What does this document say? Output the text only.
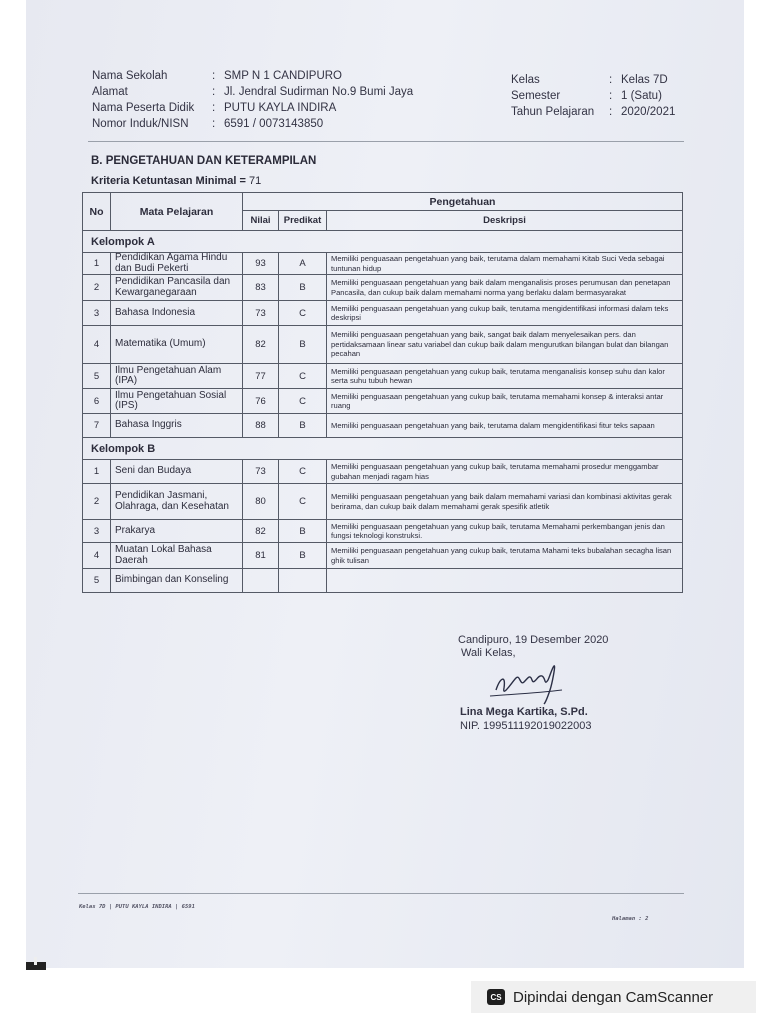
Nama Sekolah	: SMP N 1 CANDIPURO
Alamat	: Jl. Jendral Sudirman No.9 Bumi Jaya
Nama Peserta Didik	: PUTU KAYLA INDIRA
Nomor Induk/NISN	: 6591 / 0073143850
Kelas	: Kelas 7D
Semester	: 1 (Satu)
Tahun Pelajaran	: 2020/2021
B. PENGETAHUAN DAN KETERAMPILAN
Kriteria Ketuntasan Minimal = 71
No	Mata Pelajaran	Pengetahuan		
		Nilai	Predikat	Deskripsi
Kelompok A				
1	Pendidikan Agama Hindu dan Budi Pekerti	93	A	Memiliki penguasaan pengetahuan yang baik, terutama dalam memahami Kitab Suci Veda sebagai tuntunan hidup
2	Pendidikan Pancasila dan Kewarganegaraan	83	B	Memiliki penguasaan pengetahuan yang baik dalam menganalisis proses perumusan dan penetapan Pancasila, dan cukup baik dalam memahami norma yang berlaku dalam bermasyarakat
3	Bahasa Indonesia	73	C	Memiliki penguasaan pengetahuan yang cukup baik, terutama mengidentifikasi informasi dalam teks deskripsi
4	Matematika (Umum)	82	B	Memiliki penguasaan pengetahuan yang baik, sangat baik dalam menyelesaikan pers. dan pertidaksamaan linear satu variabel dan cukup baik dalam mengurutkan bilangan bulat dan bilangan pecahan
5	Ilmu Pengetahuan Alam (IPA)	77	C	Memiliki penguasaan pengetahuan yang cukup baik, terutama menganalisis konsep suhu dan kalor serta suhu tubuh hewan
6	Ilmu Pengetahuan Sosial (IPS)	76	C	Memiliki penguasaan pengetahuan yang cukup baik, terutama memahami konsep & interaksi antar ruang
7	Bahasa Inggris	88	B	Memiliki penguasaan pengetahuan yang baik, terutama dalam mengidentifikasi fitur teks sapaan
Kelompok B				
1	Seni dan Budaya	73	C	Memiliki penguasaan pengetahuan yang cukup baik, terutama memahami prosedur menggambar gubahan menjadi ragam hias
2	Pendidikan Jasmani, Olahraga, dan Kesehatan	80	C	Memiliki penguasaan pengetahuan yang baik dalam memahami variasi dan kombinasi aktivitas gerak berirama, dan cukup baik dalam memahami gerak spesifik atletik
3	Prakarya	82	B	Memiliki penguasaan pengetahuan yang cukup baik, terutama Memahami perkembangan jenis dan fungsi teknologi konstruksi.
4	Muatan Lokal Bahasa Daerah	81	B	Memiliki penguasaan pengetahuan yang cukup baik, terutama Mahami teks bubalahan secagha lisan ghik tulisan
5	Bimbingan dan Konseling			
Candipuro, 19 Desember 2020
Wali Kelas,
Lina Mega Kartika, S.Pd.
NIP. 199511192019022003
Kelas 7D | PUTU KAYLA INDIRA | 6591
Halaman : 2
CS Dipindai dengan CamScanner
